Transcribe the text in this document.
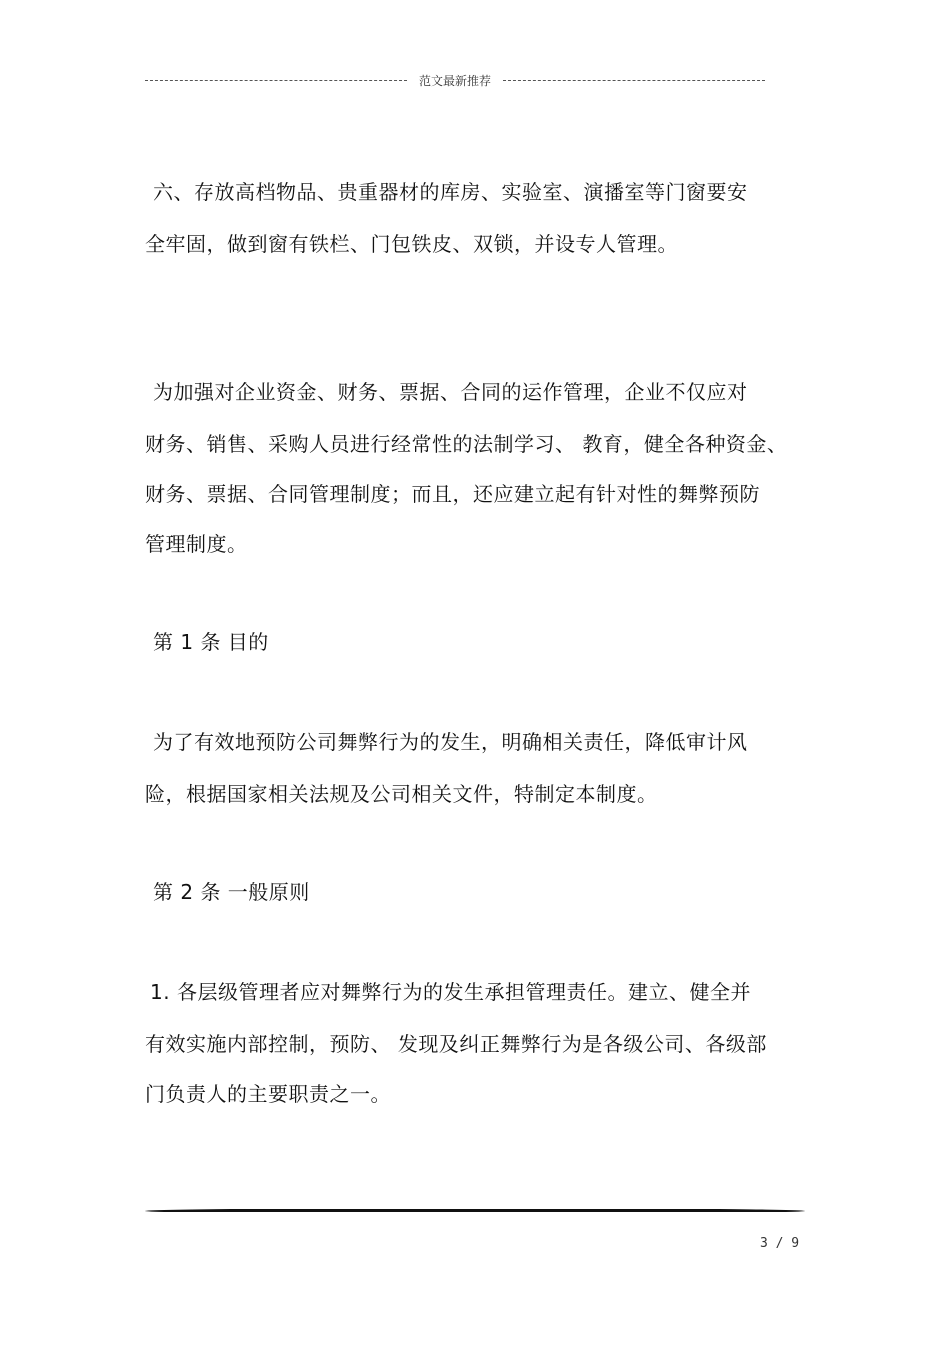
范文最新推荐
六、存放高档物品、贵重器材的库房、实验室、演播室等门窗要安
全牢固，做到窗有铁栏、门包铁皮、双锁，并设专人管理。
为加强对企业资金、财务、票据、合同的运作管理，企业不仅应对
财务、销售、采购人员进行经常性的法制学习、 教育，健全各种资金、
财务、票据、合同管理制度；而且，还应建立起有针对性的舞弊预防
管理制度。
第 1 条 目的
为了有效地预防公司舞弊行为的发生，明确相关责任，降低审计风
险，根据国家相关法规及公司相关文件，特制定本制度。
第 2 条 一般原则
1. 各层级管理者应对舞弊行为的发生承担管理责任。建立、健全并
有效实施内部控制，预防、 发现及纠正舞弊行为是各级公司、各级部
门负责人的主要职责之一。
3 / 9
